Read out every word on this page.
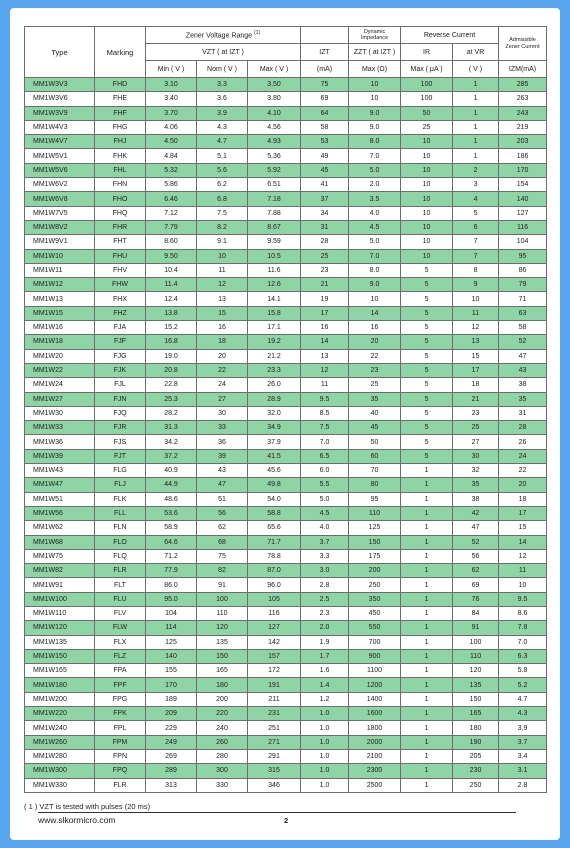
Type	Marking	Zener Voltage Range $^{(1)}$				Dynamic
Impedance	Reverse Current		Admissible
Zener Current
		VZT ( at IZT )			IZT	ZZT ( at IZT )	IR	at VR	
		Min ( V )	Nom ( V )	Max ( V )	(mA)	Max (Ω)	Max ( μA )	( V )	IZM(mA)
MM1W3V3	FHD	3.10	3.3	3.50	75	10	100	1	285
MM1W3V6	FHE	3.40	3.6	3.80	69	10	100	1	263
MM1W3V9	FHF	3.70	3.9	4.10	64	9.0	50	1	243
MM1W4V3	FHG	4.06	4.3	4.56	58	9.0	25	1	219
MM1W4V7	FHJ	4.50	4.7	4.93	53	8.0	10	1	203
MM1W5V1	FHK	4.84	5.1	5.36	49	7.0	10	1	186
MM1W5V6	FHL	5.32	5.6	5.92	45	5.0	10	2	170
MM1W6V2	FHN	5.86	6.2	6.51	41	2.0	10	3	154
MM1W6V8	FHO	6.46	6.8	7.18	37	3.5	10	4	140
MM1W7V5	FHQ	7.12	7.5	7.88	34	4.0	10	5	127
MM1W8V2	FHR	7.79	8.2	8.67	31	4.5	10	6	116
MM1W9V1	FHT	8.60	9.1	9.59	28	5.0	10	7	104
MM1W10	FHU	9.50	10	10.5	25	7.0	10	7	95
MM1W11	FHV	10.4	11	11.6	23	8.0	5	8	86
MM1W12	FHW	11.4	12	12.6	21	9.0	5	9	79
MM1W13	FHX	12.4	13	14.1	19	10	5	10	71
MM1W15	FHZ	13.8	15	15.8	17	14	5	11	63
MM1W16	FJA	15.2	16	17.1	16	16	5	12	58
MM1W18	FJF	16.8	18	19.2	14	20	5	13	52
MM1W20	FJG	19.0	20	21.2	13	22	5	15	47
MM1W22	FJK	20.8	22	23.3	12	23	5	17	43
MM1W24	FJL	22.8	24	26.0	11	25	5	18	38
MM1W27	FJN	25.3	27	28.9	9.5	35	5	21	35
MM1W30	FJQ	28.2	30	32.0	8.5	40	5	23	31
MM1W33	FJR	31.3	33	34.9	7.5	45	5	25	28
MM1W36	FJS	34.2	36	37.9	7.0	50	5	27	26
MM1W39	FJT	37.2	39	41.5	6.5	60	5	30	24
MM1W43	FLG	40.9	43	45.6	6.0	70	1	32	22
MM1W47	FLJ	44.9	47	49.8	5.5	80	1	35	20
MM1W51	FLK	48.6	51	54.0	5.0	95	1	38	18
MM1W56	FLL	53.6	56	58.8	4.5	110	1	42	17
MM1W62	FLN	58.9	62	65.6	4.0	125	1	47	15
MM1W68	FLO	64.6	68	71.7	3.7	150	1	52	14
MM1W75	FLQ	71.2	75	78.8	3.3	175	1	56	12
MM1W82	FLR	77.9	82	87.0	3.0	200	1	62	11
MM1W91	FLT	86.0	91	96.0	2.8	250	1	69	10
MM1W100	FLU	95.0	100	105	2.5	350	1	76	9.5
MM1W110	FLV	104	110	116	2.3	450	1	84	8.6
MM1W120	FLW	114	120	127	2.0	550	1	91	7.8
MM1W135	FLX	125	135	142	1.9	700	1	100	7.0
MM1W150	FLZ	140	150	157	1.7	900	1	110	6.3
MM1W165	FPA	155	165	172	1.6	1100	1	120	5.8
MM1W180	FPF	170	180	191	1.4	1200	1	135	5.2
MM1W200	FPG	189	200	211	1.2	1400	1	150	4.7
MM1W220	FPK	209	220	231	1.0	1600	1	165	4.3
MM1W240	FPL	229	240	251	1.0	1800	1	180	3.9
MM1W260	FPM	249	260	271	1.0	2000	1	190	3.7
MM1W280	FPN	269	280	291	1.0	2100	1	205	3.4
MM1W300	FPQ	289	300	315	1.0	2300	1	230	3.1
MM1W330	FLR	313	330	346	1.0	2500	1	250	2.8
( 1 ) VZT is tested with pulses (20 ms)
www.slkormicro.com	2
